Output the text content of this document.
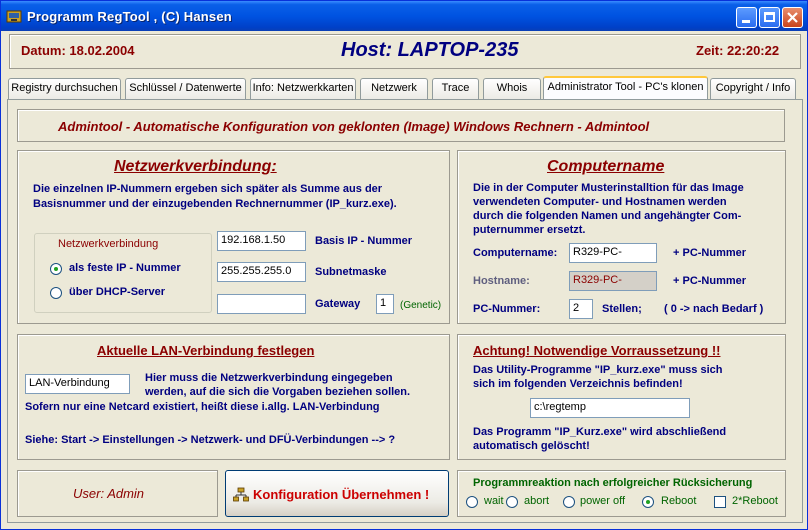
Programm RegTool , (C) Hansen
Datum: 18.02.2004	Host: LAPTOP-235	Zeit: 22:20:22
Registry durchsuchen	Schlüssel / Datenwerte Info: Netzwerkkarten	Netzwerk	Trace	Whois	Administrator Tool - PC's klonen	Copyright / Info
Admintool - Automatische Konfiguration von geklonten (Image) Windows Rechnern - Admintool
Netzwerkverbindung:
Die einzelnen IP-Nummern ergeben sich später als Summe aus der
Basisnummer und der einzugebenden Rechnernummer (IP_kurz.exe).
Netzwerkverbindung
als feste IP - Nummer
über DHCP-Server
192.168.1.50	Basis IP - Nummer
255.255.255.0	Subnetmaske
Gateway	1	(Genetic)
Computername
Die in der Computer Musterinstalltion für das Image
verwendeten Computer- und Hostnamen werden
durch die folgenden Namen und angehängter Com-
puternummer ersetzt.
Computername:	R329-PC-	+ PC-Nummer
Hostname:	R329-PC-	+ PC-Nummer
PC-Nummer:	2	Stellen; ( 0 -> nach Bedarf )
Aktuelle LAN-Verbindung festlegen
LAN-Verbindung	Hier muss die Netzwerkverbindung eingegeben
werden, auf die sich die Vorgaben beziehen sollen.
Sofern nur eine Netcard existiert, heißt diese i.allg. LAN-Verbindung
Siehe: Start -> Einstellungen -> Netzwerk- und DFÜ-Verbindungen --> ?
Achtung! Notwendige Vorraussetzung !!
Das Utility-Programme "IP_kurz.exe" muss sich
sich im folgenden Verzeichnis befinden!
c:\regtemp
Das Programm "IP_Kurz.exe" wird abschließend
automatisch gelöscht!
User: Admin	Konfiguration Übernehmen !
Programmreaktion nach erfolgreicher Rücksicherung
wait abort	power off	Reboot	2*Reboot
